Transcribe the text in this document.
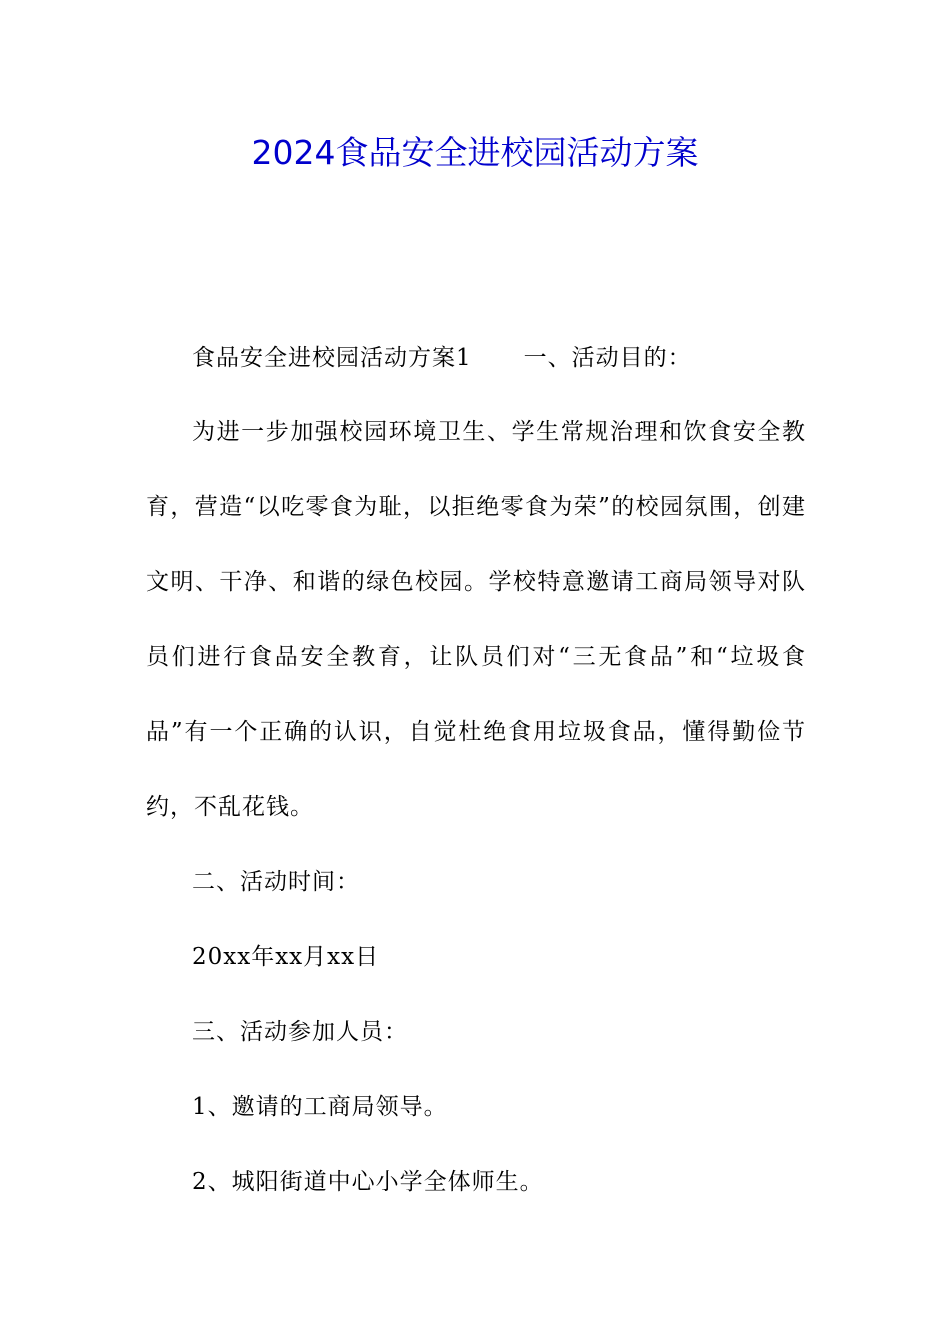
2024食品安全进校园活动方案

食品安全进校园活动方案1 一、活动目的：

为进一步加强校园环境卫生、学生常规治理和饮食安全教育，营造“以吃零食为耻，以拒绝零食为荣”的校园氛围，创建文明、干净、和谐的绿色校园。学校特意邀请工商局领导对队员们进行食品安全教育，让队员们对“三无食品”和“垃圾食品”有一个正确的认识，自觉杜绝食用垃圾食品，懂得勤俭节约，不乱花钱。

二、活动时间：

20xx年xx月xx日

三、活动参加人员：

1、邀请的工商局领导。

2、城阳街道中心小学全体师生。
